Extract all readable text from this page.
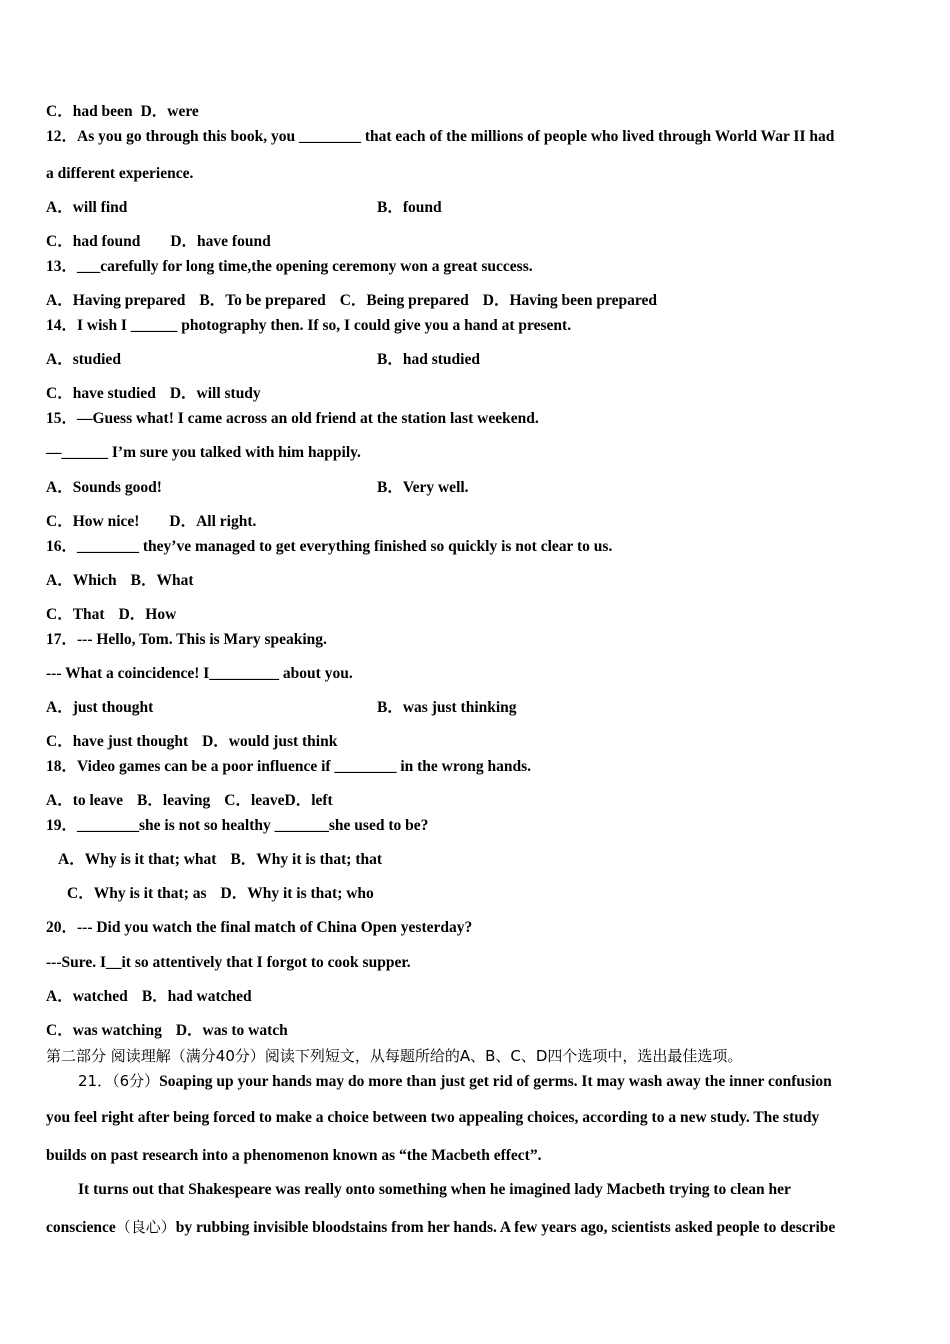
C．had been D．were
12．As you go through this book, you ________ that each of the millions of people who lived through World War II had
a different experience.
A．will find	B．found
C．had found D．have found
13．___carefully for long time,the opening ceremony won a great success.
A．Having prepared B．To be prepared C．Being prepared D．Having been prepared
14．I wish I ______ photography then. If so, I could give you a hand at present.
A．studied	B．had studied
C．have studied D．will study
15．—Guess what! I came across an old friend at the station last weekend.
—______ I’m sure you talked with him happily.
A．Sounds good!	B．Very well.
C．How nice! D．All right.
16．________ they’ve managed to get everything finished so quickly is not clear to us.
A．Which B．What
C．That D．How
17．--- Hello, Tom. This is Mary speaking.
--- What a coincidence! I_________ about you.
A．just thought	B．was just thinking
C．have just thought D．would just think
18．Video games can be a poor influence if ________ in the wrong hands.
A．to leave B．leaving C．leaveD．left
19．________she is not so healthy _______she used to be?
A．Why is it that; what B．Why it is that; that
C．Why is it that; as D．Why it is that; who
20．--- Did you watch the final match of China Open yesterday?
---Sure. I__it so attentively that I forgot to cook supper.
A．watched B．had watched
C．was watching D．was to watch
第二部分 阅读理解（满分40分）阅读下列短文，从每题所给的A、B、C、D四个选项中，选出最佳选项。
21．（6分）Soaping up your hands may do more than just get rid of germs. It may wash away the inner confusion
you feel right after being forced to make a choice between two appealing choices, according to a new study. The study
builds on past research into a phenomenon known as “the Macbeth effect”.
It turns out that Shakespeare was really onto something when he imagined lady Macbeth trying to clean her
conscience（良心）by rubbing invisible bloodstains from her hands. A few years ago, scientists asked people to describe
